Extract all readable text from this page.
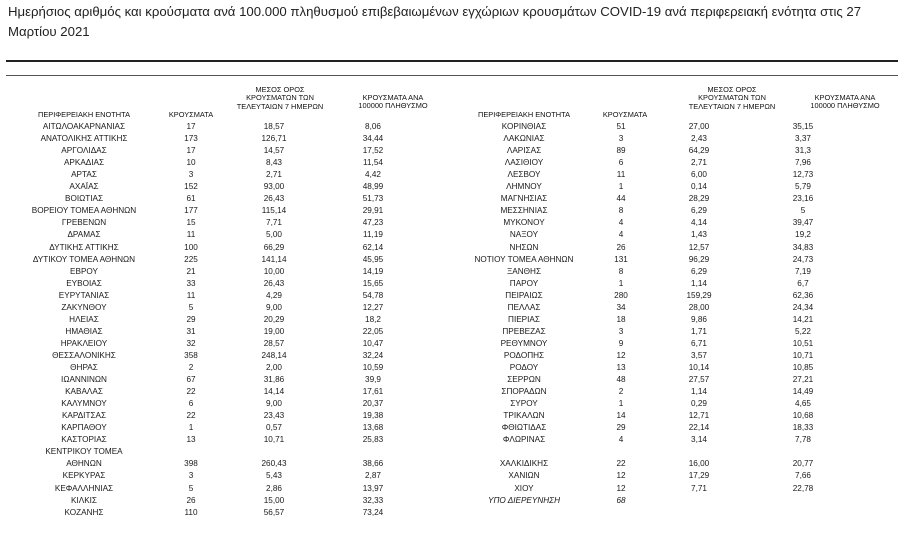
Ημερήσιος αριθμός και κρούσματα ανά 100.000 πληθυσμού επιβεβαιωμένων εγχώριων κρουσμάτων COVID-19 ανά περιφερειακή ενότητα στις 27 Μαρτίου 2021
ΠΕΡΙΦΕΡΕΙΑΚΗ ΕΝΟΤΗΤΑ	ΚΡΟΥΣΜΑΤΑ
ΜΕΣΟΣ ΟΡΟΣ ΚΡΟΥΣΜΑΤΩΝ ΤΩΝ ΤΕΛΕΥΤΑΙΩΝ 7 ΗΜΕΡΩΝ
ΚΡΟΥΣΜΑΤΑ ΑΝΑ 100000 ΠΛΗΘΥΣΜΟ
ΠΕΡΙΦΕΡΕΙΑΚΗ ΕΝΟΤΗΤΑ	ΚΡΟΥΣΜΑΤΑ
ΜΕΣΟΣ ΟΡΟΣ ΚΡΟΥΣΜΑΤΩΝ ΤΩΝ ΤΕΛΕΥΤΑΙΩΝ 7 ΗΜΕΡΩΝ
ΚΡΟΥΣΜΑΤΑ ΑΝΑ 100000 ΠΛΗΘΥΣΜΟ
ΑΙΤΩΛΟΑΚΑΡΝΑΝΙΑΣ	17	18,57	8,06
ΑΝΑΤΟΛΙΚΗΣ ΑΤΤΙΚΗΣ	173	126,71	34,44
ΑΡΓΟΛΙΔΑΣ	17	14,57	17,52
ΑΡΚΑΔΙΑΣ	10	8,43	11,54
ΑΡΤΑΣ	3	2,71	4,42
ΑΧΑΪΑΣ	152	93,00	48,99
ΒΟΙΩΤΙΑΣ	61	26,43	51,73
ΒΟΡΕΙΟΥ ΤΟΜΕΑ ΑΘΗΝΩΝ	177	115,14	29,91
ΓΡΕΒΕΝΩΝ	15	7,71	47,23
ΔΡΑΜΑΣ	11	5,00	11,19
ΔΥΤΙΚΗΣ ΑΤΤΙΚΗΣ	100	66,29	62,14
ΔΥΤΙΚΟΥ ΤΟΜΕΑ ΑΘΗΝΩΝ	225	141,14	45,95
ΕΒΡΟΥ	21	10,00	14,19
ΕΥΒΟΙΑΣ	33	26,43	15,65
ΕΥΡΥΤΑΝΙΑΣ	11	4,29	54,78
ΖΑΚΥΝΘΟΥ	5	9,00	12,27
ΗΛΕΙΑΣ	29	20,29	18,2
ΗΜΑΘΙΑΣ	31	19,00	22,05
ΗΡΑΚΛΕΙΟΥ	32	28,57	10,47
ΘΕΣΣΑΛΟΝΙΚΗΣ	358	248,14	32,24
ΘΗΡΑΣ	2	2,00	10,59
ΙΩΑΝΝΙΝΩΝ	67	31,86	39,9
ΚΑΒΑΛΑΣ	22	14,14	17,61
ΚΑΛΥΜΝΟΥ	6	9,00	20,37
ΚΑΡΔΙΤΣΑΣ	22	23,43	19,38
ΚΑΡΠΑΘΟΥ	1	0,57	13,68
ΚΑΣΤΟΡΙΑΣ	13	10,71	25,83
ΚΕΝΤΡΙΚΟΥ ΤΟΜΕΑ
ΑΘΗΝΩΝ	398	260,43	38,66
ΚΕΡΚΥΡΑΣ	3	5,43	2,87
ΚΕΦΑΛΛΗΝΙΑΣ	5	2,86	13,97
ΚΙΛΚΙΣ	26	15,00	32,33
ΚΟΖΑΝΗΣ	110	56,57	73,24
ΚΟΡΙΝΘΙΑΣ	51	27,00	35,15
ΛΑΚΩΝΙΑΣ	3	2,43	3,37
ΛΑΡΙΣΑΣ	89	64,29	31,3
ΛΑΣΙΘΙΟΥ	6	2,71	7,96
ΛΕΣΒΟΥ	11	6,00	12,73
ΛΗΜΝΟΥ	1	0,14	5,79
ΜΑΓΝΗΣΙΑΣ	44	28,29	23,16
ΜΕΣΣΗΝΙΑΣ	8	6,29	5
ΜΥΚΟΝΟΥ	4	4,14	39,47
ΝΑΞΟΥ	4	1,43	19,2
ΝΗΣΩΝ	26	12,57	34,83
ΝΟΤΙΟΥ ΤΟΜΕΑ ΑΘΗΝΩΝ	131	96,29	24,73
ΞΑΝΘΗΣ	8	6,29	7,19
ΠΑΡΟΥ	1	1,14	6,7
ΠΕΙΡΑΙΩΣ	280	159,29	62,36
ΠΕΛΛΑΣ	34	28,00	24,34
ΠΙΕΡΙΑΣ	18	9,86	14,21
ΠΡΕΒΕΖΑΣ	3	1,71	5,22
ΡΕΘΥΜΝΟΥ	9	6,71	10,51
ΡΟΔΟΠΗΣ	12	3,57	10,71
ΡΟΔΟΥ	13	10,14	10,85
ΣΕΡΡΩΝ	48	27,57	27,21
ΣΠΟΡΑΔΩΝ	2	1,14	14,49
ΣΥΡΟΥ	1	0,29	4,65
ΤΡΙΚΑΛΩΝ	14	12,71	10,68
ΦΘΙΩΤΙΔΑΣ	29	22,14	18,33
ΦΛΩΡΙΝΑΣ	4	3,14	7,78
ΧΑΛΚΙΔΙΚΗΣ	22	16,00	20,77
ΧΑΝΙΩΝ	12	17,29	7,66
ΧΙΟΥ	12	7,71	22,78
ΥΠΟ ΔΙΕΡΕΥΝΗΣΗ	68
